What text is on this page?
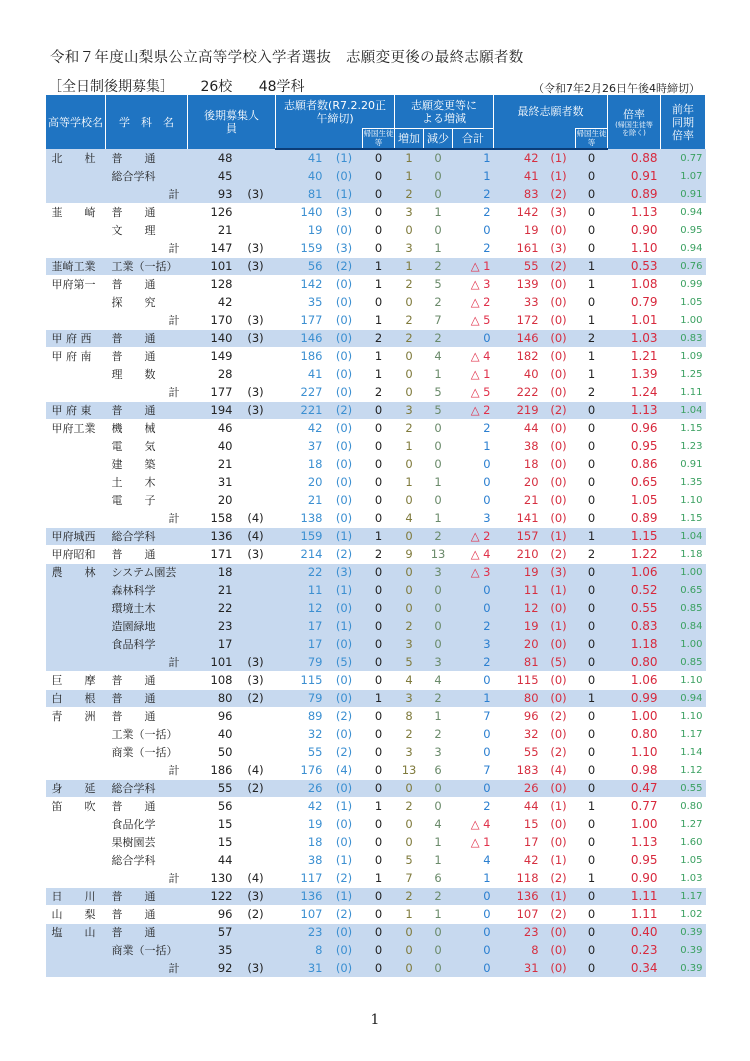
令和７年度山梨県公立高等学校入学者選抜　志願変更後の最終志願者数
［全日制後期募集］ 26校 48学科	（令和7年2月26日午後4時締切）
高等学校名	学　科　名	後期募集人員		志願者数(R7.2.20正午締切)			志願変更等による増減			最終志願者数			倍率
(帰国生徒等を除く)	前年同期倍率
						帰国生徒等	増加	減少	合計			帰国生徒等		
北　　杜	普　　通	48		41	(1)	0	1	0	1	42	(1)	0	0.88	0.77
	総合学科	45		40	(0)	0	1	0	1	41	(1)	0	0.91	1.07
	計	93	(3)	81	(1)	0	2	0	2	83	(2)	0	0.89	0.91
韮　　崎	普　　通	126		140	(3)	0	3	1	2	142	(3)	0	1.13	0.94
	文　　理	21		19	(0)	0	0	0	0	19	(0)	0	0.90	0.95
	計	147	(3)	159	(3)	0	3	1	2	161	(3)	0	1.10	0.94
韮崎工業	工業（一括）	101	(3)	56	(2)	1	1	2	△ 1	55	(2)	1	0.53	0.76
甲府第一	普　　通	128		142	(0)	1	2	5	△ 3	139	(0)	1	1.08	0.99
	探　　究	42		35	(0)	0	0	2	△ 2	33	(0)	0	0.79	1.05
	計	170	(3)	177	(0)	1	2	7	△ 5	172	(0)	1	1.01	1.00
甲 府 西	普　　通	140	(3)	146	(0)	2	2	2	0	146	(0)	2	1.03	0.83
甲 府 南	普　　通	149		186	(0)	1	0	4	△ 4	182	(0)	1	1.21	1.09
	理　　数	28		41	(0)	1	0	1	△ 1	40	(0)	1	1.39	1.25
	計	177	(3)	227	(0)	2	0	5	△ 5	222	(0)	2	1.24	1.11
甲 府 東	普　　通	194	(3)	221	(2)	0	3	5	△ 2	219	(2)	0	1.13	1.04
甲府工業	機　　械	46		42	(0)	0	2	0	2	44	(0)	0	0.96	1.15
	電　　気	40		37	(0)	0	1	0	1	38	(0)	0	0.95	1.23
	建　　築	21		18	(0)	0	0	0	0	18	(0)	0	0.86	0.91
	土　　木	31		20	(0)	0	1	1	0	20	(0)	0	0.65	1.35
	電　　子	20		21	(0)	0	0	0	0	21	(0)	0	1.05	1.10
	計	158	(4)	138	(0)	0	4	1	3	141	(0)	0	0.89	1.15
甲府城西	総合学科	136	(4)	159	(1)	1	0	2	△ 2	157	(1)	1	1.15	1.04
甲府昭和	普　　通	171	(3)	214	(2)	2	9	13	△ 4	210	(2)	2	1.22	1.18
農　　林	システム園芸	18		22	(3)	0	0	3	△ 3	19	(3)	0	1.06	1.00
	森林科学	21		11	(1)	0	0	0	0	11	(1)	0	0.52	0.65
	環境土木	22		12	(0)	0	0	0	0	12	(0)	0	0.55	0.85
	造園緑地	23		17	(1)	0	2	0	2	19	(1)	0	0.83	0.84
	食品科学	17		17	(0)	0	3	0	3	20	(0)	0	1.18	1.00
	計	101	(3)	79	(5)	0	5	3	2	81	(5)	0	0.80	0.85
巨　　摩	普　　通	108	(3)	115	(0)	0	4	4	0	115	(0)	0	1.06	1.10
白　　根	普　　通	80	(2)	79	(0)	1	3	2	1	80	(0)	1	0.99	0.94
青　　洲	普　　通	96		89	(2)	0	8	1	7	96	(2)	0	1.00	1.10
	工業（一括）	40		32	(0)	0	2	2	0	32	(0)	0	0.80	1.17
	商業（一括）	50		55	(2)	0	3	3	0	55	(2)	0	1.10	1.14
	計	186	(4)	176	(4)	0	13	6	7	183	(4)	0	0.98	1.12
身　　延	総合学科	55	(2)	26	(0)	0	0	0	0	26	(0)	0	0.47	0.55
笛　　吹	普　　通	56		42	(1)	1	2	0	2	44	(1)	1	0.77	0.80
	食品化学	15		19	(0)	0	0	4	△ 4	15	(0)	0	1.00	1.27
	果樹園芸	15		18	(0)	0	0	1	△ 1	17	(0)	0	1.13	1.60
	総合学科	44		38	(1)	0	5	1	4	42	(1)	0	0.95	1.05
	計	130	(4)	117	(2)	1	7	6	1	118	(2)	1	0.90	1.03
日　　川	普　　通	122	(3)	136	(1)	0	2	2	0	136	(1)	0	1.11	1.17
山　　梨	普　　通	96	(2)	107	(2)	0	1	1	0	107	(2)	0	1.11	1.02
塩　　山	普　　通	57		23	(0)	0	0	0	0	23	(0)	0	0.40	0.39
	商業（一括）	35		8	(0)	0	0	0	0	8	(0)	0	0.23	0.39
	計	92	(3)	31	(0)	0	0	0	0	31	(0)	0	0.34	0.39
1
